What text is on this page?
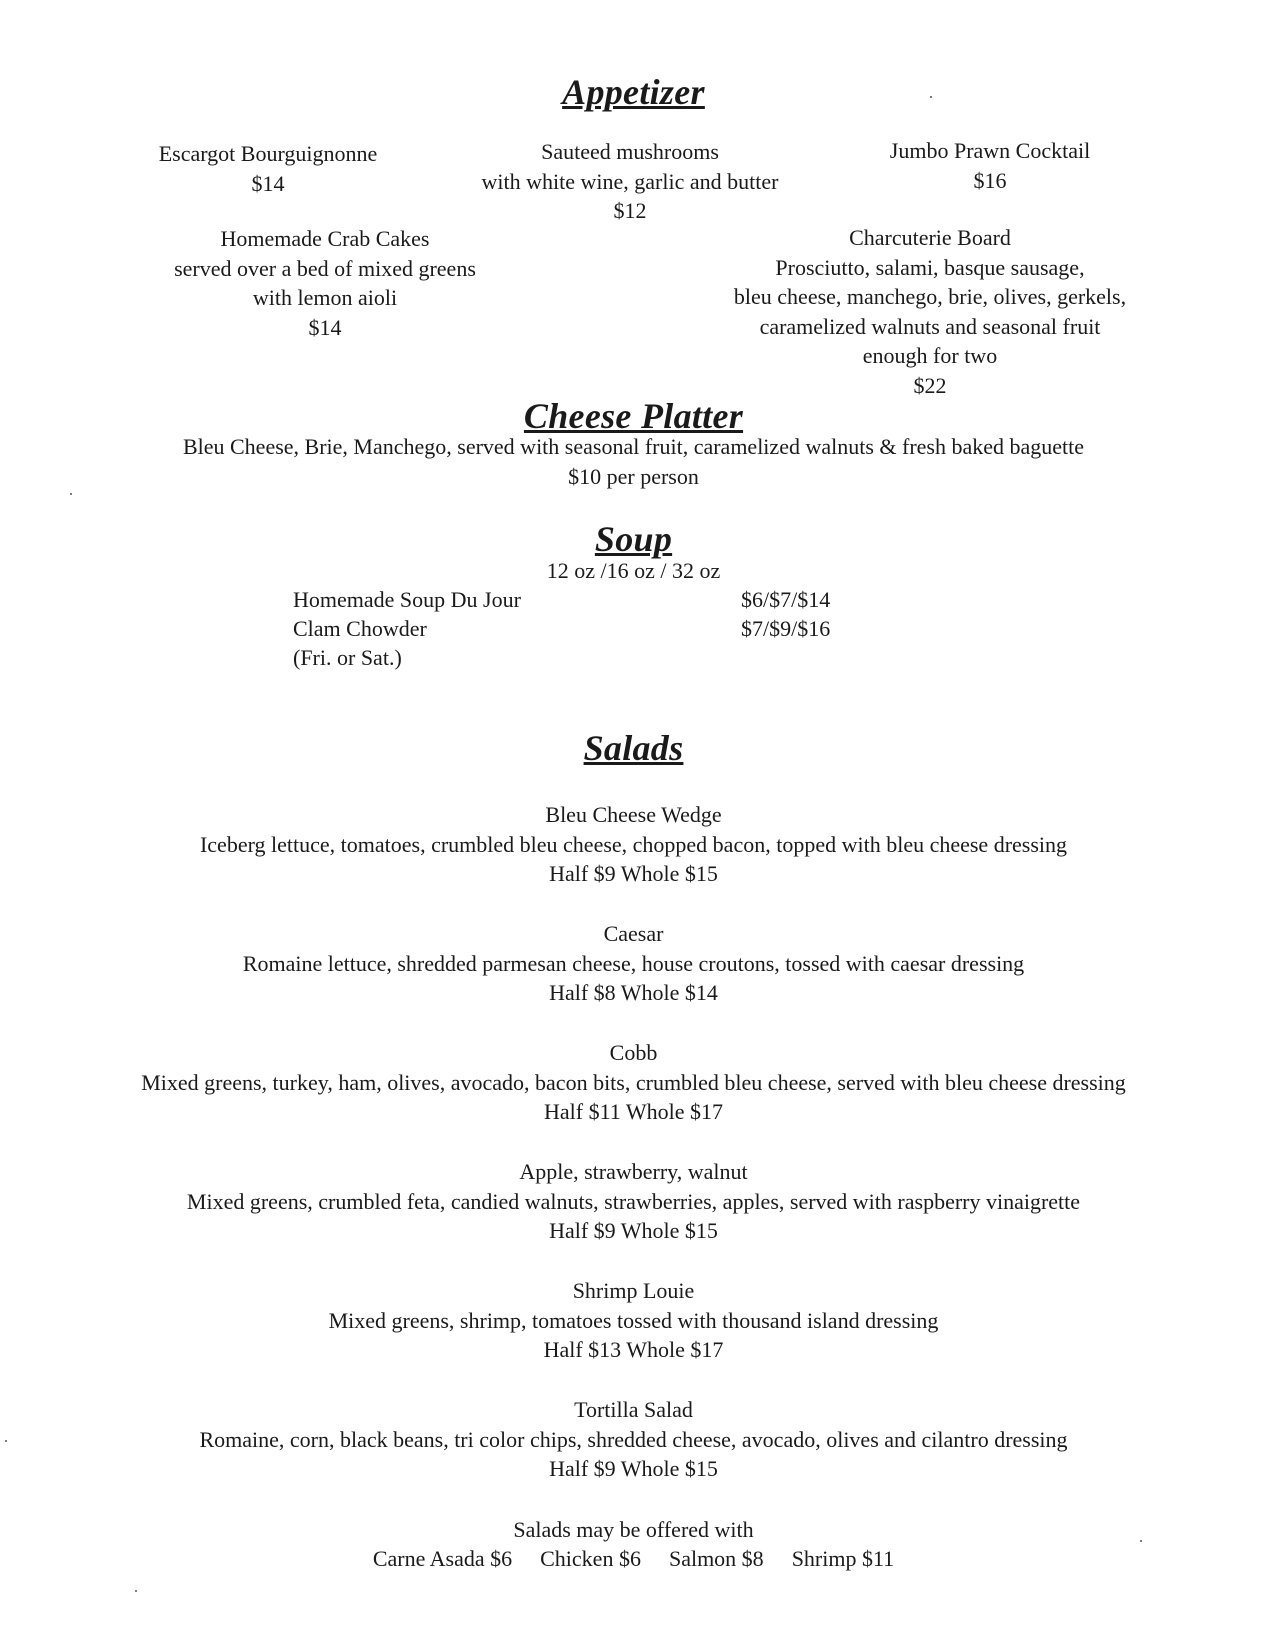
Appetizer
Escargot Bourguignonne
$14
Sauteed mushrooms
with white wine, garlic and butter
$12
Jumbo Prawn Cocktail
$16
Homemade Crab Cakes
served over a bed of mixed greens
with lemon aioli
$14
Charcuterie Board
Prosciutto, salami, basque sausage,
bleu cheese, manchego, brie, olives, gerkels,
caramelized walnuts and seasonal fruit
enough for two
$22
Cheese Platter
Bleu Cheese, Brie, Manchego, served with seasonal fruit, caramelized walnuts & fresh baked baguette
$10 per person
Soup
12 oz /16 oz / 32 oz
Homemade Soup Du Jour	$6/$7/$14
Clam Chowder	$7/$9/$16
(Fri. or Sat.)
Salads
Bleu Cheese Wedge
Iceberg lettuce, tomatoes, crumbled bleu cheese, chopped bacon, topped with bleu cheese dressing
Half $9 Whole $15
Caesar
Romaine lettuce, shredded parmesan cheese, house croutons, tossed with caesar dressing
Half $8 Whole $14
Cobb
Mixed greens, turkey, ham, olives, avocado, bacon bits, crumbled bleu cheese, served with bleu cheese dressing
Half $11 Whole $17
Apple, strawberry, walnut
Mixed greens, crumbled feta, candied walnuts, strawberries, apples, served with raspberry vinaigrette
Half $9 Whole $15
Shrimp Louie
Mixed greens, shrimp, tomatoes tossed with thousand island dressing
Half $13 Whole $17
Tortilla Salad
Romaine, corn, black beans, tri color chips, shredded cheese, avocado, olives and cilantro dressing
Half $9 Whole $15
Salads may be offered with
Carne Asada $6 Chicken $6 Salmon $8 Shrimp $11
